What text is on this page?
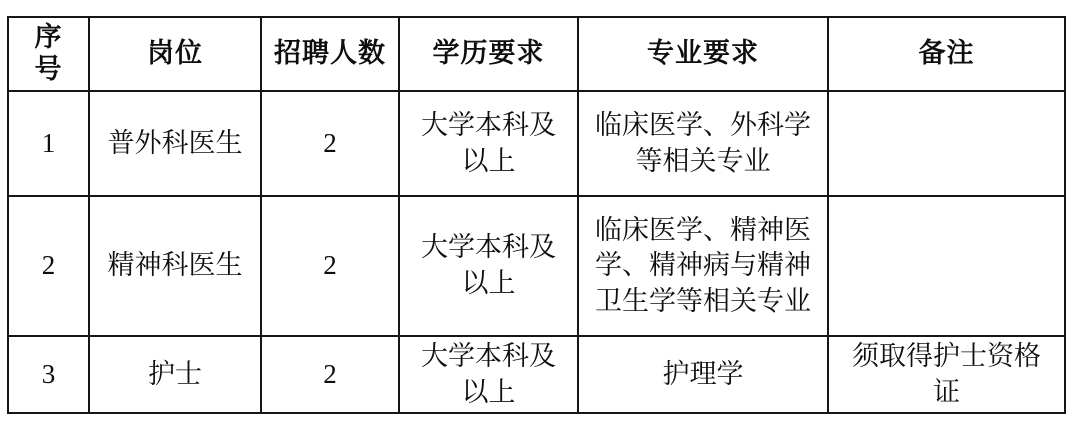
序号	岗位	招聘人数	学历要求	专业要求	备注
1	普外科医生	2	大学本科及以上	临床医学、外科学等相关专业	
2	精神科医生	2	大学本科及以上	临床医学、精神医学、精神病与精神卫生学等相关专业	
3	护士	2	大学本科及以上	护理学	须取得护士资格证
